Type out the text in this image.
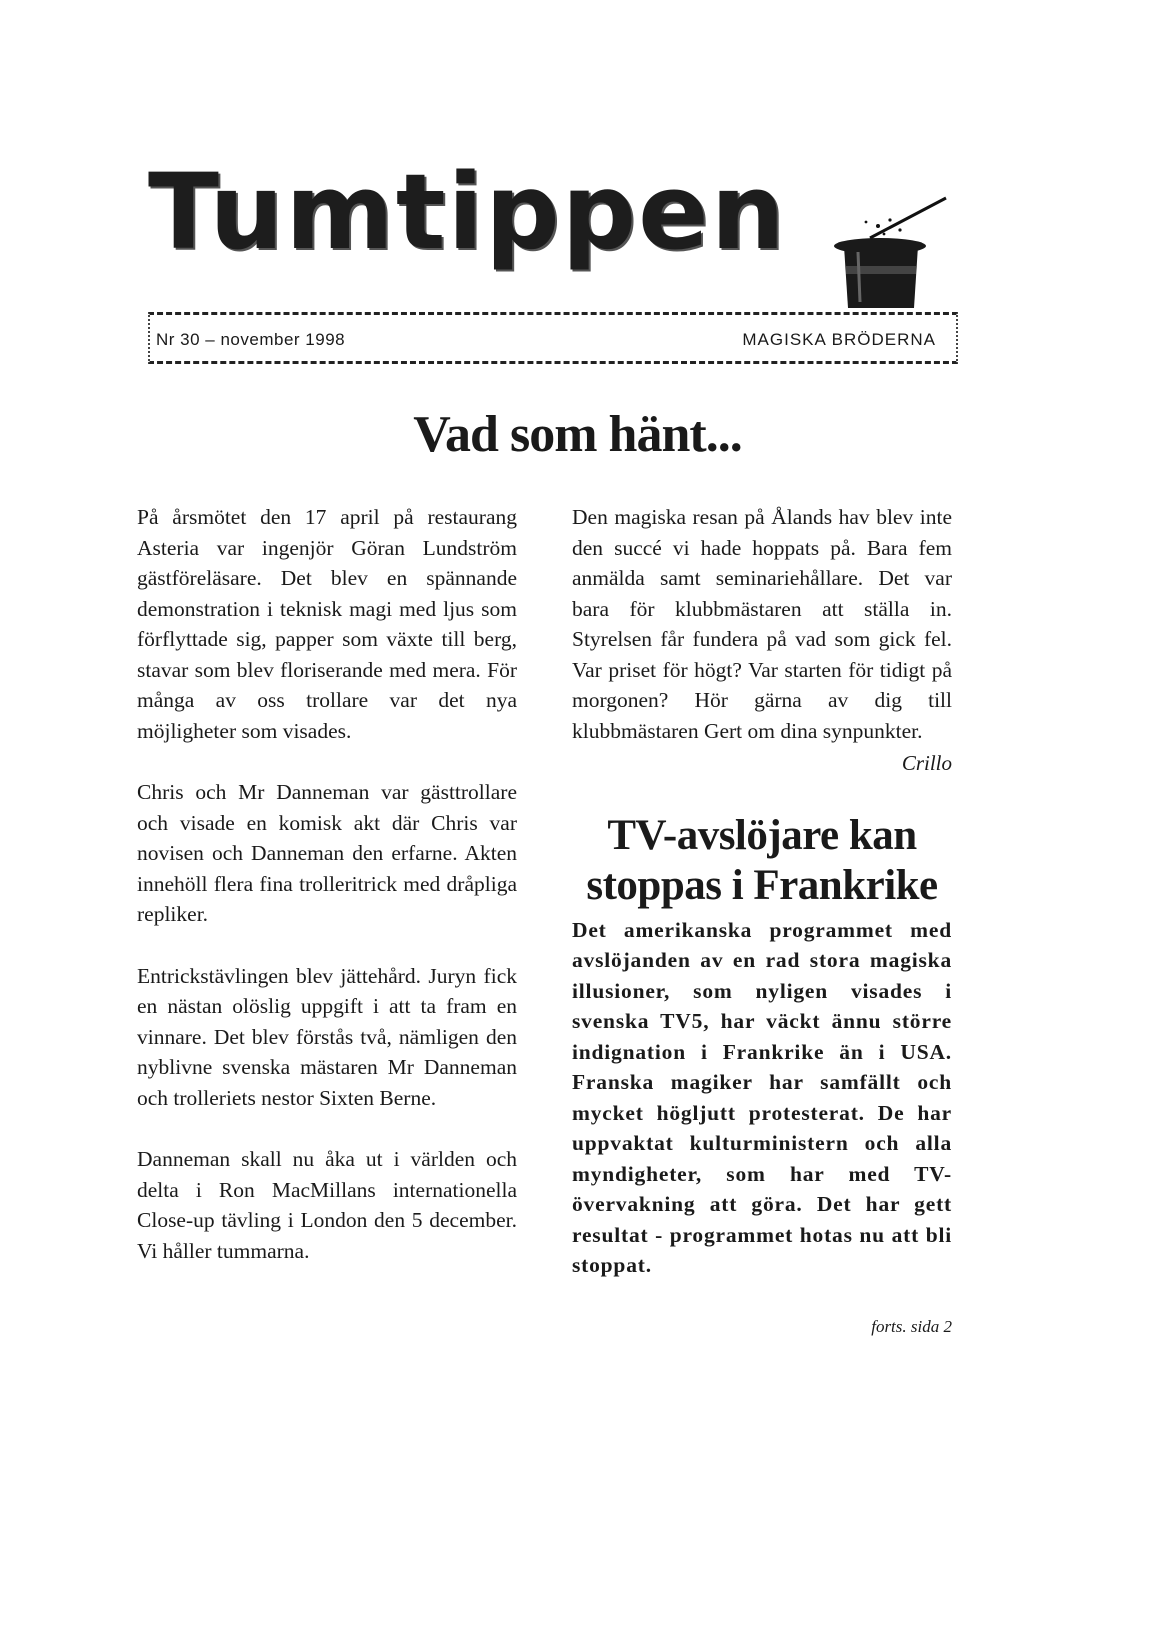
Tumtippen
Nr 30 – november 1998	MAGISKA BRÖDERNA
Vad som hänt...

På årsmötet den 17 april på restaurang Asteria var ingenjör Göran Lundström gästföreläsare. Det blev en spännande demonstration i teknisk magi med ljus som förflyttade sig, papper som växte till berg, stavar som blev floriserande med mera. För många av oss trollare var det nya möjligheter som visades.

Chris och Mr Danneman var gästtrollare och visade en komisk akt där Chris var novisen och Danneman den erfarne. Akten innehöll flera fina trolleritrick med dråpliga repliker.

Entrickstävlingen blev jättehård. Juryn fick en nästan olöslig uppgift i att ta fram en vinnare. Det blev förstås två, nämligen den nyblivne svenska mästaren Mr Danneman och trolleriets nestor Sixten Berne.

Danneman skall nu åka ut i världen och delta i Ron MacMillans internationella Close-up tävling i London den 5 december. Vi håller tummarna.

Den magiska resan på Ålands hav blev inte den succé vi hade hoppats på. Bara fem anmälda samt seminariehållare. Det var bara för klubbmästaren att ställa in. Styrelsen får fundera på vad som gick fel. Var priset för högt? Var starten för tidigt på morgonen? Hör gärna av dig till klubbmästaren Gert om dina synpunkter.

Crillo
TV-avslöjare kan stoppas i Frankrike

Det amerikanska programmet med avslöjanden av en rad stora magiska illusioner, som nyligen visades i svenska TV5, har väckt ännu större indignation i Frankrike än i USA. Franska magiker har samfällt och mycket högljutt protesterat. De har uppvaktat kulturministern och alla myndigheter, som har med TV-övervakning att göra. Det har gett resultat - programmet hotas nu att bli stoppat.

forts. sida 2
